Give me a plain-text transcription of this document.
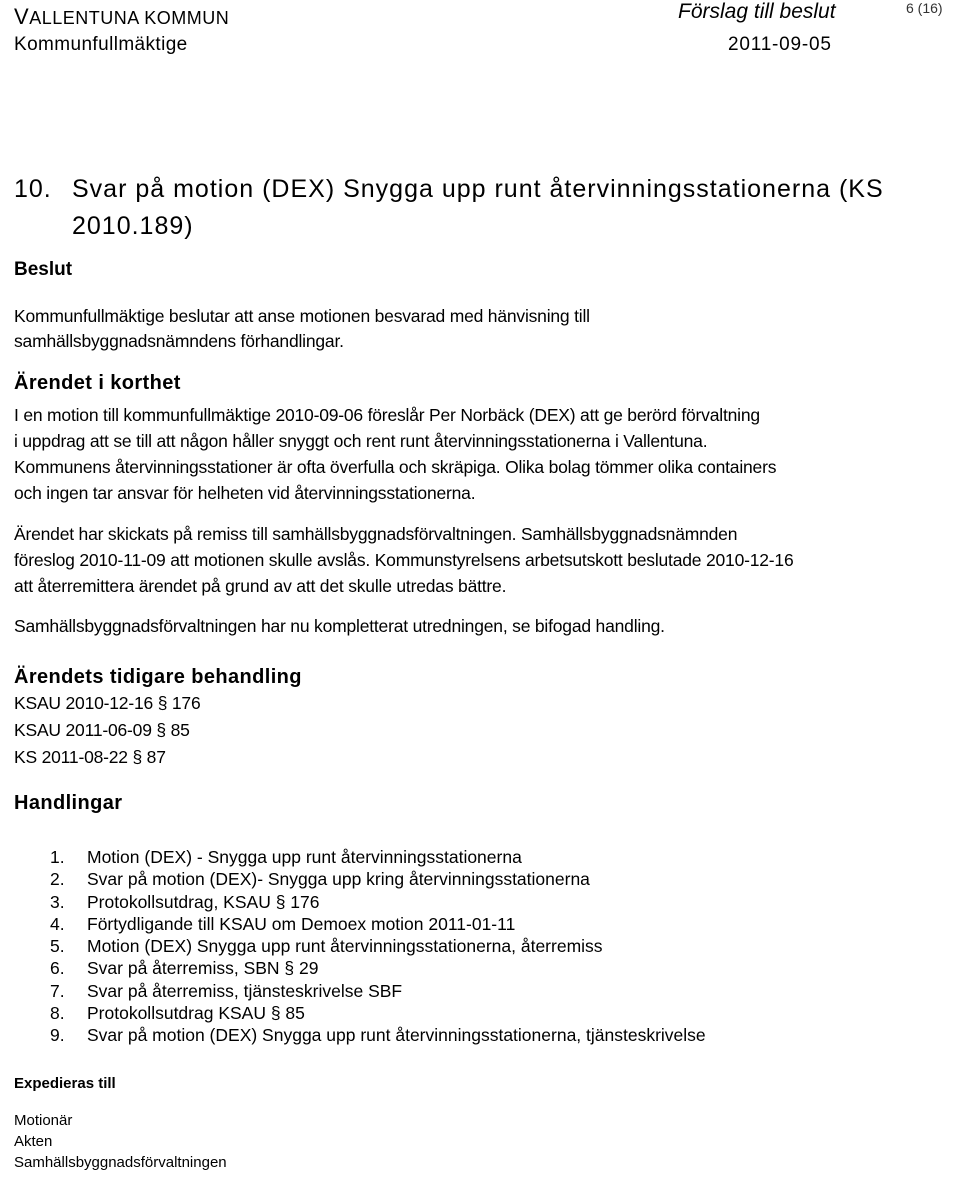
VALLENTUNA KOMMUN
Kommunfullmäktige
Förslag till beslut
2011-09-05
6 (16)
10. Svar på motion (DEX) Snygga upp runt återvinningsstationerna (KS
2010.189)
Beslut
Kommunfullmäktige beslutar att anse motionen besvarad med hänvisning till
samhällsbyggnadsnämndens förhandlingar.
Ärendet i korthet
I en motion till kommunfullmäktige 2010-09-06 föreslår Per Norbäck (DEX) att ge berörd förvaltning
i uppdrag att se till att någon håller snyggt och rent runt återvinningsstationerna i Vallentuna.
Kommunens återvinningsstationer är ofta överfulla och skräpiga. Olika bolag tömmer olika containers
och ingen tar ansvar för helheten vid återvinningsstationerna.
Ärendet har skickats på remiss till samhällsbyggnadsförvaltningen. Samhällsbyggnadsnämnden
föreslog 2010-11-09 att motionen skulle avslås. Kommunstyrelsens arbetsutskott beslutade 2010-12-16
att återremittera ärendet på grund av att det skulle utredas bättre.
Samhällsbyggnadsförvaltningen har nu kompletterat utredningen, se bifogad handling.
Ärendets tidigare behandling
KSAU 2010-12-16 § 176
KSAU 2011-06-09 § 85
KS 2011-08-22 § 87
Handlingar
1. Motion (DEX) - Snygga upp runt återvinningsstationerna
2. Svar på motion (DEX)- Snygga upp kring återvinningsstationerna
3. Protokollsutdrag, KSAU § 176
4. Förtydligande till KSAU om Demoex motion 2011-01-11
5. Motion (DEX) Snygga upp runt återvinningsstationerna, återremiss
6. Svar på återremiss, SBN § 29
7. Svar på återremiss, tjänsteskrivelse SBF
8. Protokollsutdrag KSAU § 85
9. Svar på motion (DEX) Snygga upp runt återvinningsstationerna, tjänsteskrivelse
Expedieras till
Motionär
Akten
Samhällsbyggnadsförvaltningen
